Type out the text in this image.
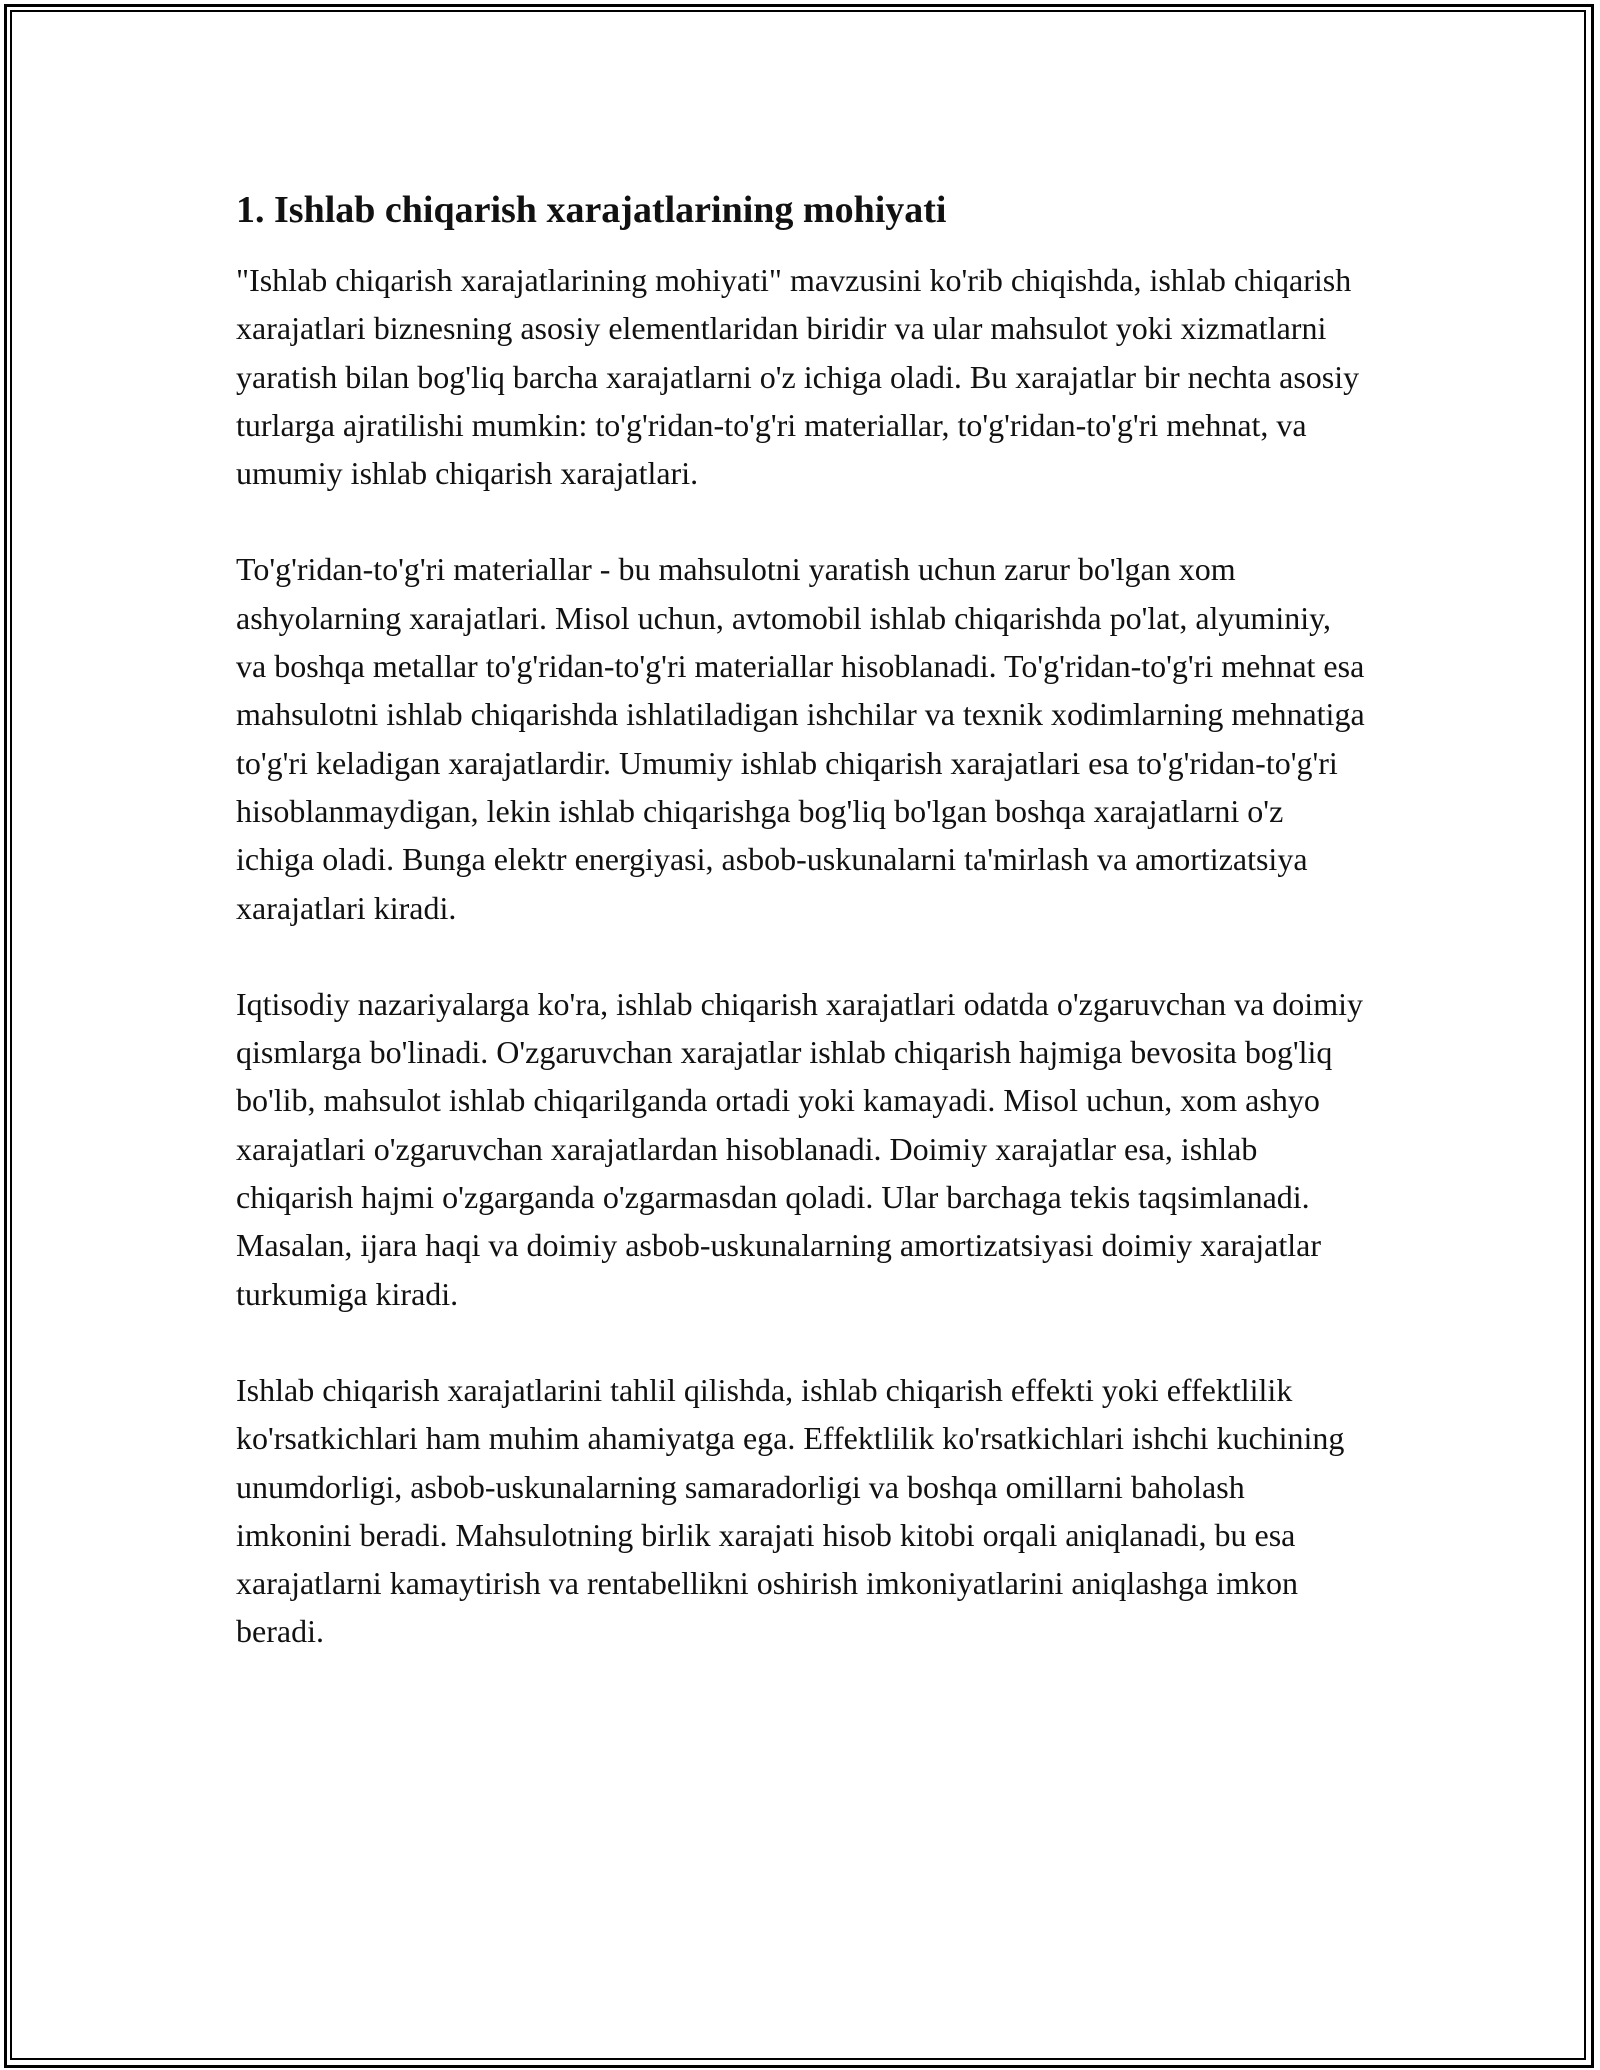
1. Ishlab chiqarish xarajatlarining mohiyati

"Ishlab chiqarish xarajatlarining mohiyati" mavzusini ko'rib chiqishda, ishlab chiqarish xarajatlari biznesning asosiy elementlaridan biridir va ular mahsulot yoki xizmatlarni yaratish bilan bog'liq barcha xarajatlarni o'z ichiga oladi. Bu xarajatlar bir nechta asosiy turlarga ajratilishi mumkin: to'g'ridan-to'g'ri materiallar, to'g'ridan-to'g'ri mehnat, va umumiy ishlab chiqarish xarajatlari.

To'g'ridan-to'g'ri materiallar - bu mahsulotni yaratish uchun zarur bo'lgan xom ashyolarning xarajatlari. Misol uchun, avtomobil ishlab chiqarishda po'lat, alyuminiy, va boshqa metallar to'g'ridan-to'g'ri materiallar hisoblanadi. To'g'ridan-to'g'ri mehnat esa mahsulotni ishlab chiqarishda ishlatiladigan ishchilar va texnik xodimlarning mehnatiga to'g'ri keladigan xarajatlardir. Umumiy ishlab chiqarish xarajatlari esa to'g'ridan-to'g'ri hisoblanmaydigan, lekin ishlab chiqarishga bog'liq bo'lgan boshqa xarajatlarni o'z ichiga oladi. Bunga elektr energiyasi, asbob-uskunalarni ta'mirlash va amortizatsiya xarajatlari kiradi.

Iqtisodiy nazariyalarga ko'ra, ishlab chiqarish xarajatlari odatda o'zgaruvchan va doimiy qismlarga bo'linadi. O'zgaruvchan xarajatlar ishlab chiqarish hajmiga bevosita bog'liq bo'lib, mahsulot ishlab chiqarilganda ortadi yoki kamayadi. Misol uchun, xom ashyo xarajatlari o'zgaruvchan xarajatlardan hisoblanadi. Doimiy xarajatlar esa, ishlab chiqarish hajmi o'zgarganda o'zgarmasdan qoladi. Ular barchaga tekis taqsimlanadi. Masalan, ijara haqi va doimiy asbob-uskunalarning amortizatsiyasi doimiy xarajatlar turkumiga kiradi.

Ishlab chiqarish xarajatlarini tahlil qilishda, ishlab chiqarish effekti yoki effektlilik ko'rsatkichlari ham muhim ahamiyatga ega. Effektlilik ko'rsatkichlari ishchi kuchining unumdorligi, asbob-uskunalarning samaradorligi va boshqa omillarni baholash imkonini beradi. Mahsulotning birlik xarajati hisob kitobi orqali aniqlanadi, bu esa xarajatlarni kamaytirish va rentabellikni oshirish imkoniyatlarini aniqlashga imkon beradi.
